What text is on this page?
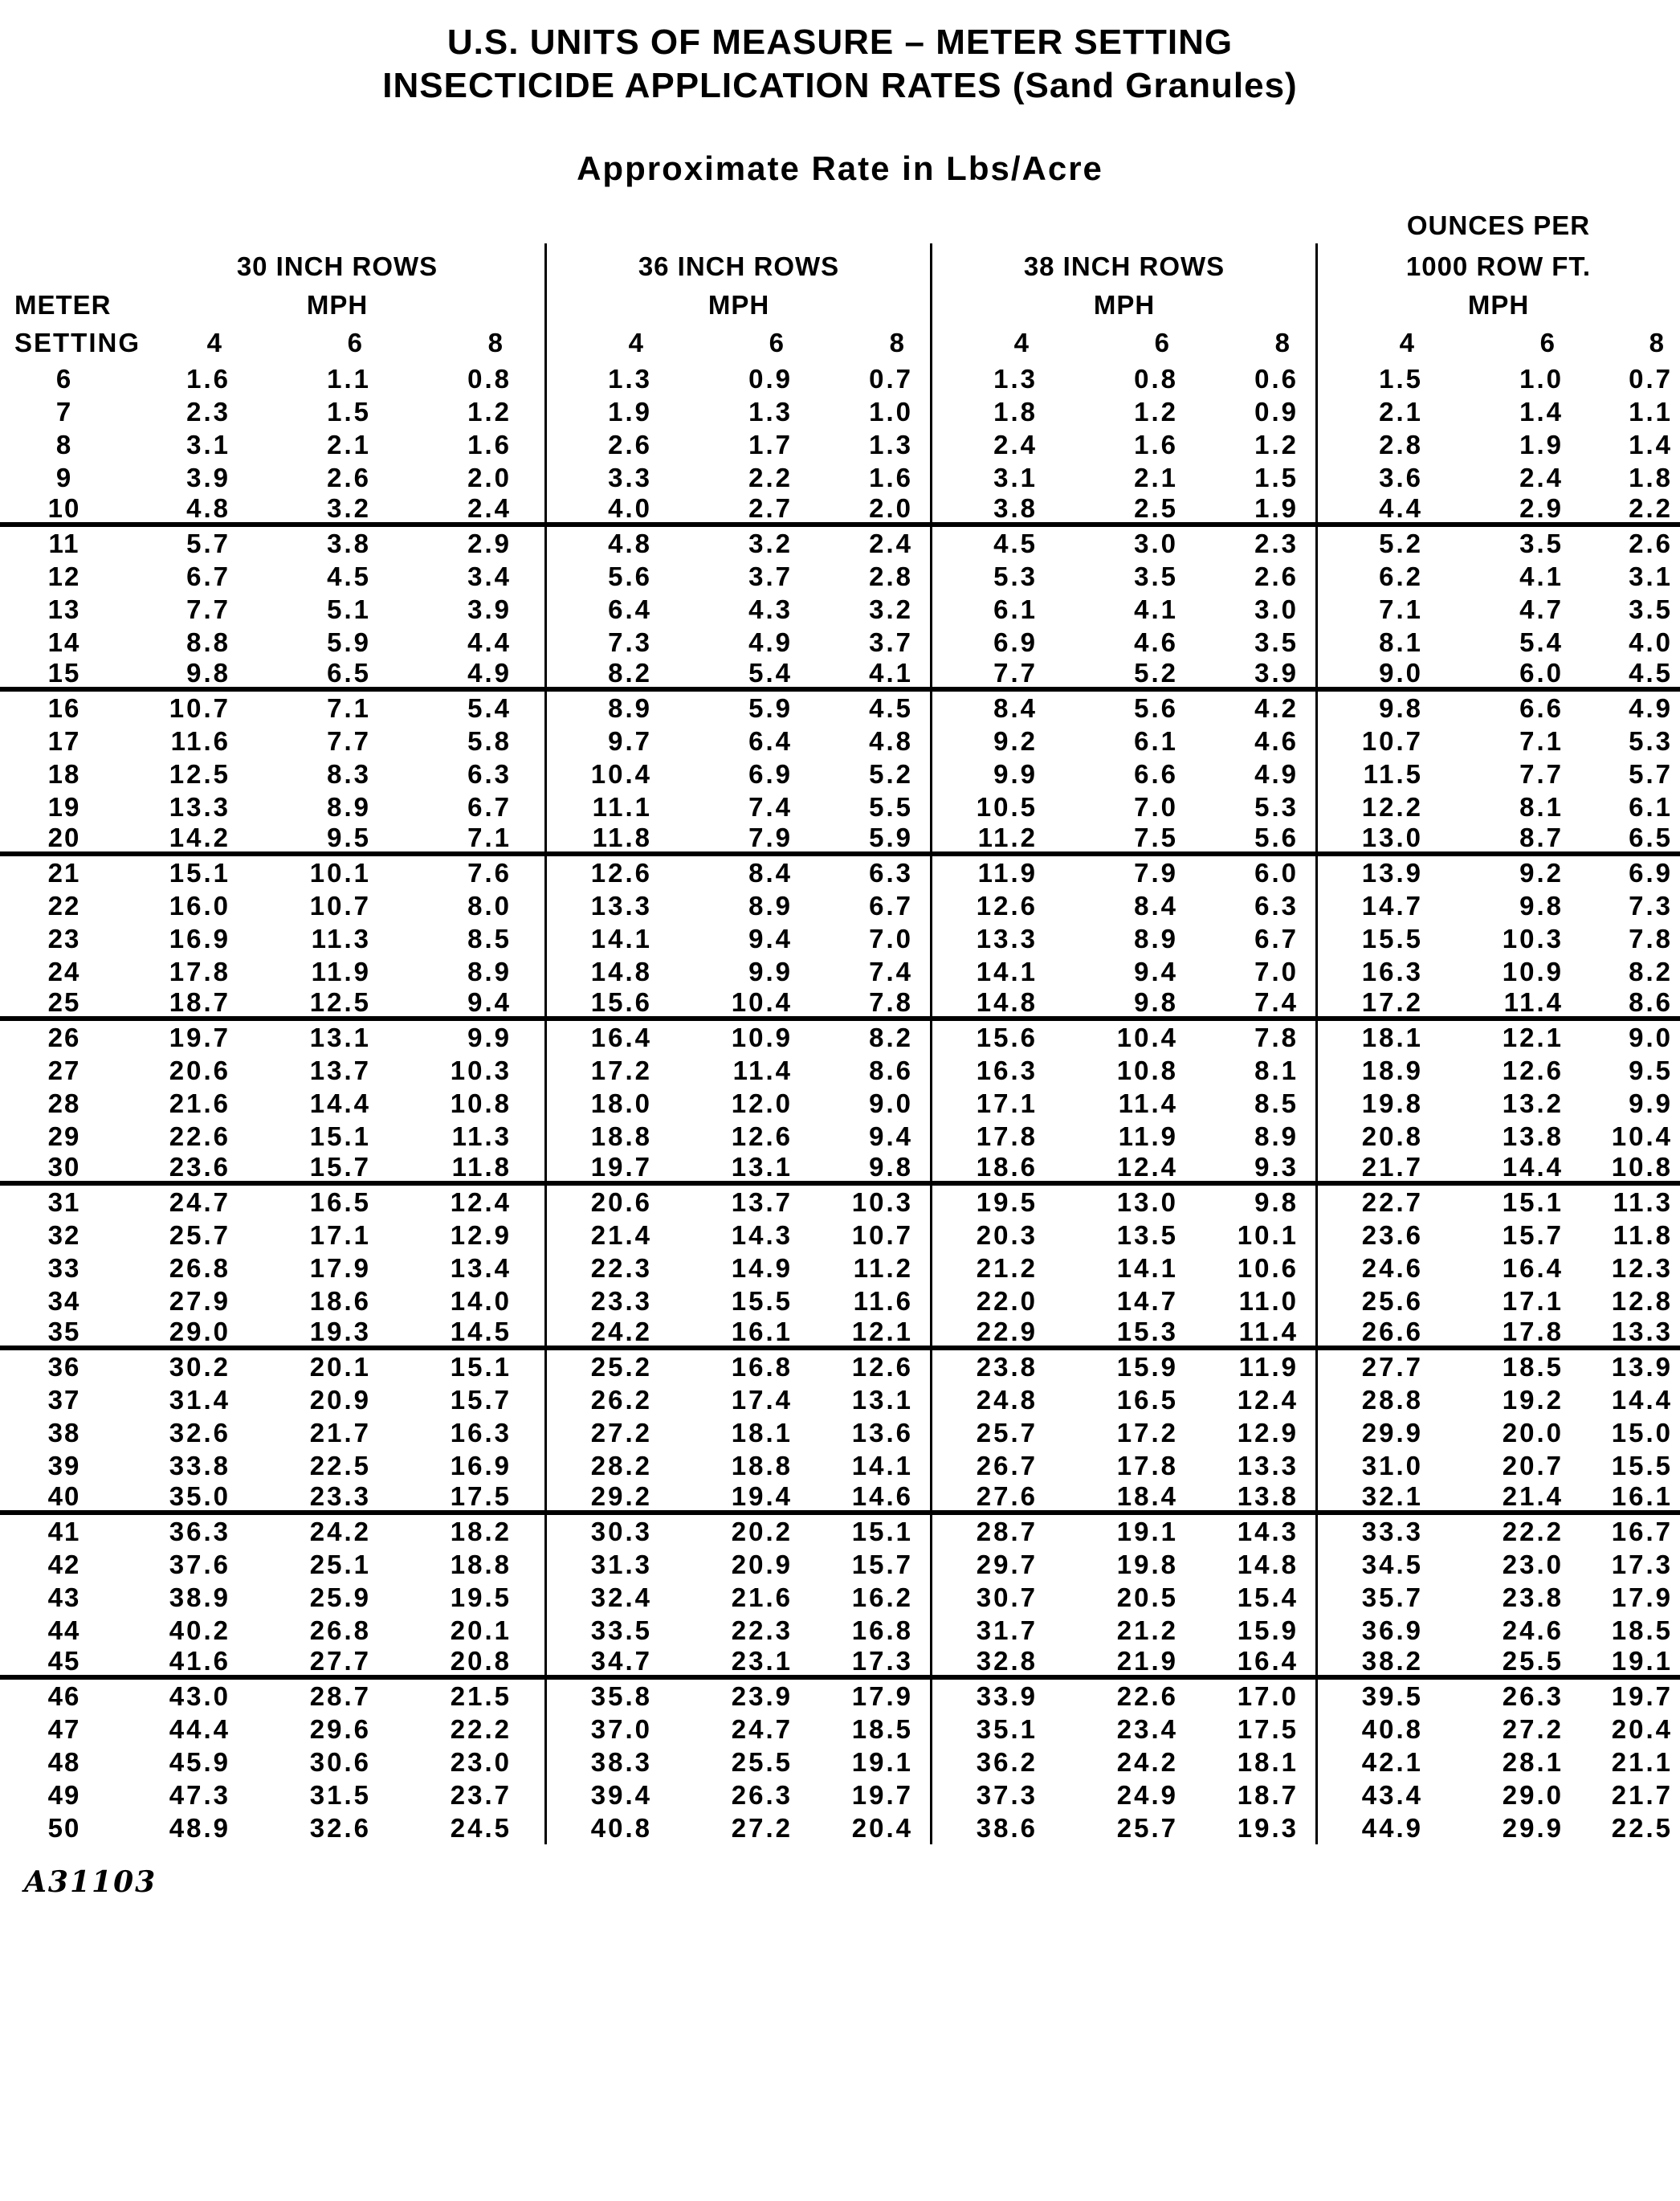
U.S. UNITS OF MEASURE – METER SETTING
INSECTICIDE APPLICATION RATES (Sand Granules)
Approximate Rate in Lbs/Acre
OUNCES PER
30 INCH ROWS	36 INCH ROWS	38 INCH ROWS	1000 ROW FT.
METER	MPH	MPH	MPH	MPH
SETTING	4	6	8	4	6	8	4	6	8	4	6	8
6	1.6	1.1	0.8	1.3	0.9	0.7	1.3	0.8	0.6	1.5	1.0	0.7
7	2.3	1.5	1.2	1.9	1.3	1.0	1.8	1.2	0.9	2.1	1.4	1.1
8	3.1	2.1	1.6	2.6	1.7	1.3	2.4	1.6	1.2	2.8	1.9	1.4
9	3.9	2.6	2.0	3.3	2.2	1.6	3.1	2.1	1.5	3.6	2.4	1.8
10	4.8	3.2	2.4	4.0	2.7	2.0	3.8	2.5	1.9	4.4	2.9	2.2
11	5.7	3.8	2.9	4.8	3.2	2.4	4.5	3.0	2.3	5.2	3.5	2.6
12	6.7	4.5	3.4	5.6	3.7	2.8	5.3	3.5	2.6	6.2	4.1	3.1
13	7.7	5.1	3.9	6.4	4.3	3.2	6.1	4.1	3.0	7.1	4.7	3.5
14	8.8	5.9	4.4	7.3	4.9	3.7	6.9	4.6	3.5	8.1	5.4	4.0
15	9.8	6.5	4.9	8.2	5.4	4.1	7.7	5.2	3.9	9.0	6.0	4.5
16	10.7	7.1	5.4	8.9	5.9	4.5	8.4	5.6	4.2	9.8	6.6	4.9
17	11.6	7.7	5.8	9.7	6.4	4.8	9.2	6.1	4.6	10.7	7.1	5.3
18	12.5	8.3	6.3	10.4	6.9	5.2	9.9	6.6	4.9	11.5	7.7	5.7
19	13.3	8.9	6.7	11.1	7.4	5.5	10.5	7.0	5.3	12.2	8.1	6.1
20	14.2	9.5	7.1	11.8	7.9	5.9	11.2	7.5	5.6	13.0	8.7	6.5
21	15.1	10.1	7.6	12.6	8.4	6.3	11.9	7.9	6.0	13.9	9.2	6.9
22	16.0	10.7	8.0	13.3	8.9	6.7	12.6	8.4	6.3	14.7	9.8	7.3
23	16.9	11.3	8.5	14.1	9.4	7.0	13.3	8.9	6.7	15.5	10.3	7.8
24	17.8	11.9	8.9	14.8	9.9	7.4	14.1	9.4	7.0	16.3	10.9	8.2
25	18.7	12.5	9.4	15.6	10.4	7.8	14.8	9.8	7.4	17.2	11.4	8.6
26	19.7	13.1	9.9	16.4	10.9	8.2	15.6	10.4	7.8	18.1	12.1	9.0
27	20.6	13.7	10.3	17.2	11.4	8.6	16.3	10.8	8.1	18.9	12.6	9.5
28	21.6	14.4	10.8	18.0	12.0	9.0	17.1	11.4	8.5	19.8	13.2	9.9
29	22.6	15.1	11.3	18.8	12.6	9.4	17.8	11.9	8.9	20.8	13.8	10.4
30	23.6	15.7	11.8	19.7	13.1	9.8	18.6	12.4	9.3	21.7	14.4	10.8
31	24.7	16.5	12.4	20.6	13.7	10.3	19.5	13.0	9.8	22.7	15.1	11.3
32	25.7	17.1	12.9	21.4	14.3	10.7	20.3	13.5	10.1	23.6	15.7	11.8
33	26.8	17.9	13.4	22.3	14.9	11.2	21.2	14.1	10.6	24.6	16.4	12.3
34	27.9	18.6	14.0	23.3	15.5	11.6	22.0	14.7	11.0	25.6	17.1	12.8
35	29.0	19.3	14.5	24.2	16.1	12.1	22.9	15.3	11.4	26.6	17.8	13.3
36	30.2	20.1	15.1	25.2	16.8	12.6	23.8	15.9	11.9	27.7	18.5	13.9
37	31.4	20.9	15.7	26.2	17.4	13.1	24.8	16.5	12.4	28.8	19.2	14.4
38	32.6	21.7	16.3	27.2	18.1	13.6	25.7	17.2	12.9	29.9	20.0	15.0
39	33.8	22.5	16.9	28.2	18.8	14.1	26.7	17.8	13.3	31.0	20.7	15.5
40	35.0	23.3	17.5	29.2	19.4	14.6	27.6	18.4	13.8	32.1	21.4	16.1
41	36.3	24.2	18.2	30.3	20.2	15.1	28.7	19.1	14.3	33.3	22.2	16.7
42	37.6	25.1	18.8	31.3	20.9	15.7	29.7	19.8	14.8	34.5	23.0	17.3
43	38.9	25.9	19.5	32.4	21.6	16.2	30.7	20.5	15.4	35.7	23.8	17.9
44	40.2	26.8	20.1	33.5	22.3	16.8	31.7	21.2	15.9	36.9	24.6	18.5
45	41.6	27.7	20.8	34.7	23.1	17.3	32.8	21.9	16.4	38.2	25.5	19.1
46	43.0	28.7	21.5	35.8	23.9	17.9	33.9	22.6	17.0	39.5	26.3	19.7
47	44.4	29.6	22.2	37.0	24.7	18.5	35.1	23.4	17.5	40.8	27.2	20.4
48	45.9	30.6	23.0	38.3	25.5	19.1	36.2	24.2	18.1	42.1	28.1	21.1
49	47.3	31.5	23.7	39.4	26.3	19.7	37.3	24.9	18.7	43.4	29.0	21.7
50	48.9	32.6	24.5	40.8	27.2	20.4	38.6	25.7	19.3	44.9	29.9	22.5
A31103
